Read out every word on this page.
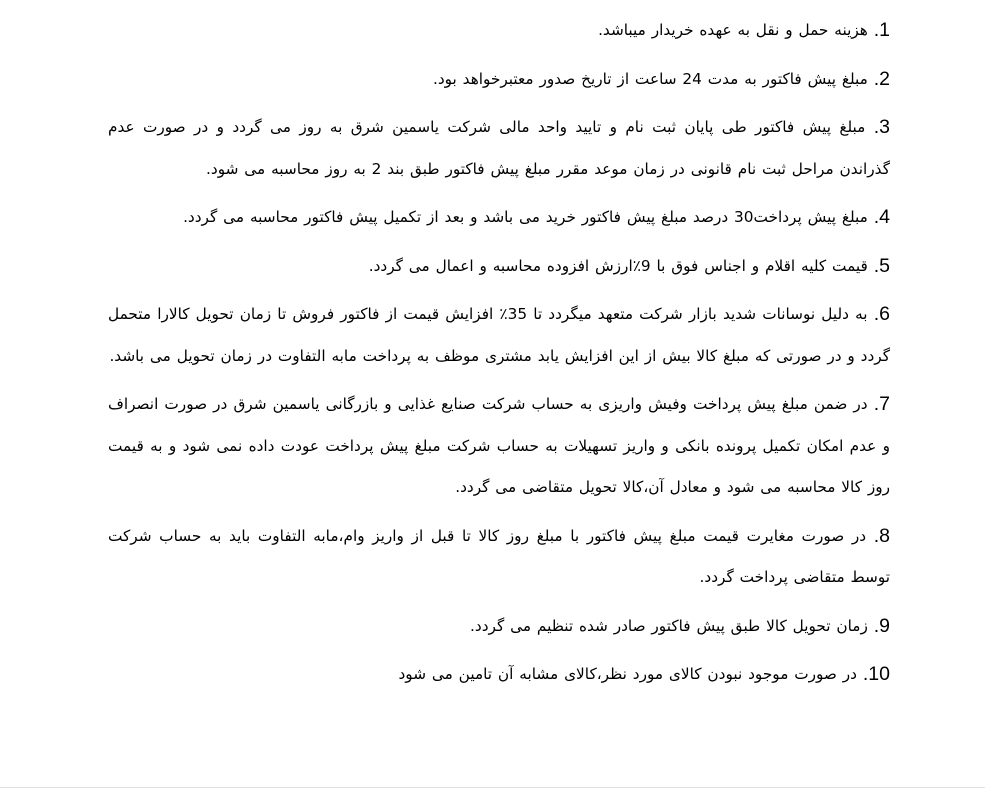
1. هزینه حمل و نقل به عهده خریدار میباشد.

2. مبلغ پیش فاکتور به مدت 24 ساعت از تاریخ صدور معتبرخواهد بود.

3. مبلغ پیش فاکتور طی پایان ثبت نام و تایید واحد مالی شرکت یاسمین شرق به روز می گردد و در صورت عدم گذراندن مراحل ثبت نام قانونی در زمان موعد مقرر مبلغ پیش فاکتور طبق بند 2 به روز محاسبه می شود.

4. مبلغ پیش پرداخت30 درصد مبلغ پیش فاکتور خرید می باشد و بعد از تکمیل پیش فاکتور محاسبه می گردد.

5. قیمت کلیه اقلام و اجناس فوق با 9٪ارزش افزوده محاسبه و اعمال می گردد.

6. به دلیل نوسانات شدید بازار شرکت متعهد میگردد تا 35٪ افزایش قیمت از فاکتور فروش تا زمان تحویل کالارا متحمل گردد و در صورتی که مبلغ کالا بیش از این افزایش یابد مشتری موظف به پرداخت مابه التفاوت در زمان تحویل می باشد.

7. در ضمن مبلغ پیش پرداخت وفیش واریزی به حساب شرکت صنایع غذایی و بازرگانی یاسمین شرق در صورت انصراف و عدم امکان تکمیل پرونده بانکی و واریز تسهیلات به حساب شرکت مبلغ پیش پرداخت عودت داده نمی شود و به قیمت روز کالا محاسبه می شود و معادل آن،کالا تحویل متقاضی می گردد.

8. در صورت مغایرت قیمت مبلغ پیش فاکتور با مبلغ روز کالا تا قبل از واریز وام،مابه التفاوت باید به حساب شرکت توسط متقاضی پرداخت گردد.

9. زمان تحویل کالا طبق پیش فاکتور صادر شده تنظیم می گردد.

10. در صورت موجود نبودن کالای مورد نظر،کالای مشابه آن تامین می شود
